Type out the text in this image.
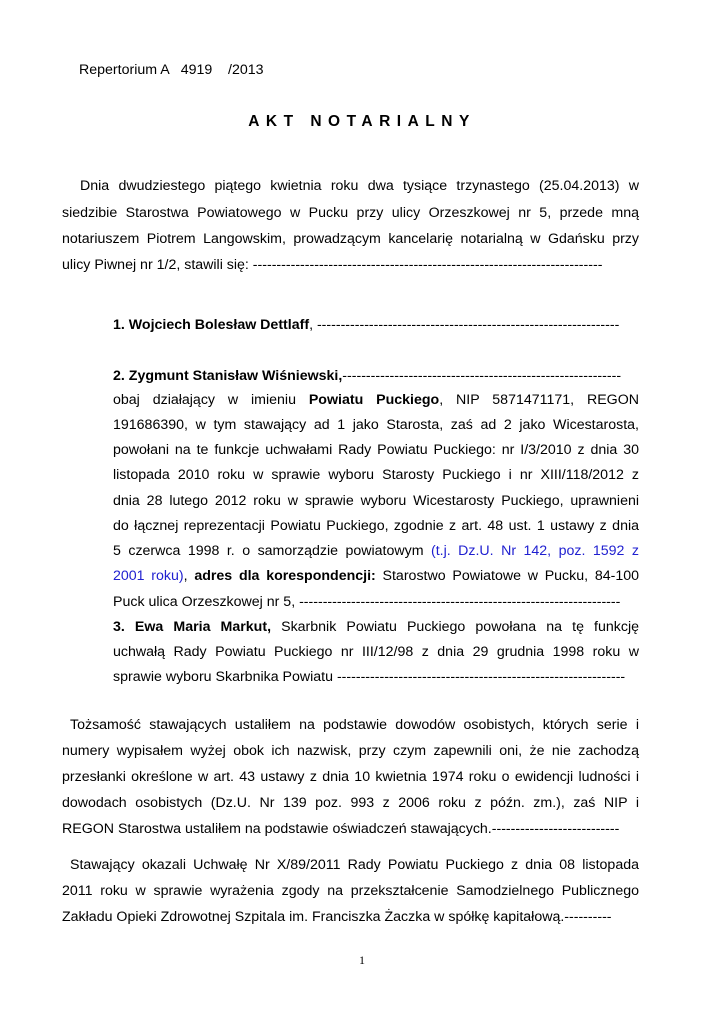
Repertorium A   4919    /2013
AKT NOTARIALNY
Dnia dwudziestego piątego kwietnia roku dwa tysiące trzynastego (25.04.2013) w
siedzibie Starostwa Powiatowego w Pucku przy ulicy Orzeszkowej nr 5, przede mną
notariuszem Piotrem Langowskim, prowadzącym kancelarię notarialną w Gdańsku przy
ulicy Piwnej nr 1/2, stawili się: --------------------------------------------------------------------------
1. Wojciech Bolesław Dettlaff, ----------------------------------------------------------------
2. Zygmunt Stanisław Wiśniewski,-----------------------------------------------------------
obaj działający w imieniu Powiatu Puckiego, NIP 5871471171, REGON
191686390, w tym stawający ad 1 jako Starosta, zaś ad 2 jako Wicestarosta,
powołani na te funkcje uchwałami Rady Powiatu Puckiego: nr I/3/2010 z dnia 30
listopada 2010 roku w sprawie wyboru Starosty Puckiego i nr XIII/118/2012 z
dnia 28 lutego 2012 roku w sprawie wyboru Wicestarosty Puckiego, uprawnieni
do łącznej reprezentacji Powiatu Puckiego, zgodnie z art. 48 ust. 1 ustawy z dnia
5 czerwca 1998 r. o samorządzie powiatowym (t.j. Dz.U. Nr 142, poz. 1592 z
2001 roku), adres dla korespondencji: Starostwo Powiatowe w Pucku, 84-100
Puck ulica Orzeszkowej nr 5, --------------------------------------------------------------------
3. Ewa Maria Markut, Skarbnik Powiatu Puckiego powołana na tę funkcję
uchwałą Rady Powiatu Puckiego nr III/12/98 z dnia 29 grudnia 1998 roku w
sprawie wyboru Skarbnika Powiatu -------------------------------------------------------------
Tożsamość stawających ustaliłem na podstawie dowodów osobistych, których serie i
numery wypisałem wyżej obok ich nazwisk, przy czym zapewnili oni, że nie zachodzą
przesłanki określone w art. 43 ustawy z dnia 10 kwietnia 1974 roku o ewidencji ludności i
dowodach osobistych (Dz.U. Nr 139 poz. 993 z 2006 roku z późn. zm.), zaś NIP i
REGON Starostwa ustaliłem na podstawie oświadczeń stawających.---------------------------
Stawający okazali Uchwałę Nr X/89/2011 Rady Powiatu Puckiego z dnia 08 listopada
2011 roku w sprawie wyrażenia zgody na przekształcenie Samodzielnego Publicznego
Zakładu Opieki Zdrowotnej Szpitala im. Franciszka Żaczka w spółkę kapitałową.----------
1
